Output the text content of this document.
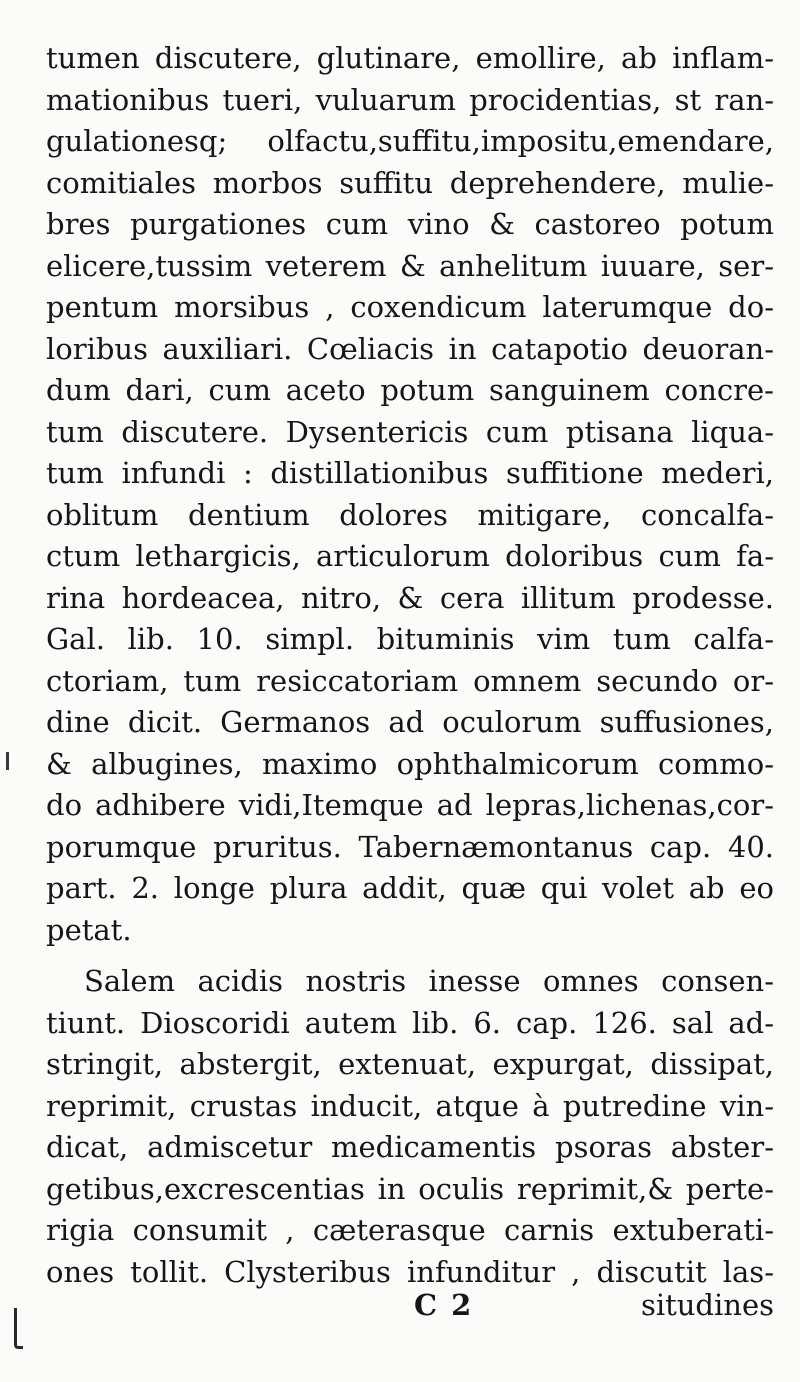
tumen discutere, glutinare, emollire, ab inflam-
mationibus tueri, vuluarum procidentias, st ran-
gulationesq; olfactu,suffitu,impositu,emendare,
comitiales morbos suffitu deprehendere, mulie-
bres purgationes cum vino & castoreo potum
elicere,tussim veterem & anhelitum iuuare, ser-
pentum morsibus , coxendicum laterumque do-
loribus auxiliari. Cœliacis in catapotio deuoran-
dum dari, cum aceto potum sanguinem concre-
tum discutere. Dysentericis cum ptisana liqua-
tum infundi : distillationibus suffitione mederi,
oblitum dentium dolores mitigare, concalfa-
ctum lethargicis, articulorum doloribus cum fa-
rina hordeacea, nitro, & cera illitum prodesse.
Gal. lib. 10. simpl. bituminis vim tum calfa-
ctoriam, tum resiccatoriam omnem secundo or-
dine dicit. Germanos ad oculorum suffusiones,
& albugines, maximo ophthalmicorum commo-
do adhibere vidi,Itemque ad lepras,lichenas,cor-
porumque pruritus. Tabernæmontanus cap. 40.
part. 2. longe plura addit, quæ qui volet ab eo
petat.
Salem acidis nostris inesse omnes consen-
tiunt. Dioscoridi autem lib. 6. cap. 126. sal ad-
stringit, abstergit, extenuat, expurgat, dissipat,
reprimit, crustas inducit, atque à putredine vin-
dicat, admiscetur medicamentis psoras abster-
getibus,excrescentias in oculis reprimit,& perte-
rigia consumit , cæterasque carnis extuberati-
ones tollit. Clysteribus infunditur , discutit las-
C 2	situdines
